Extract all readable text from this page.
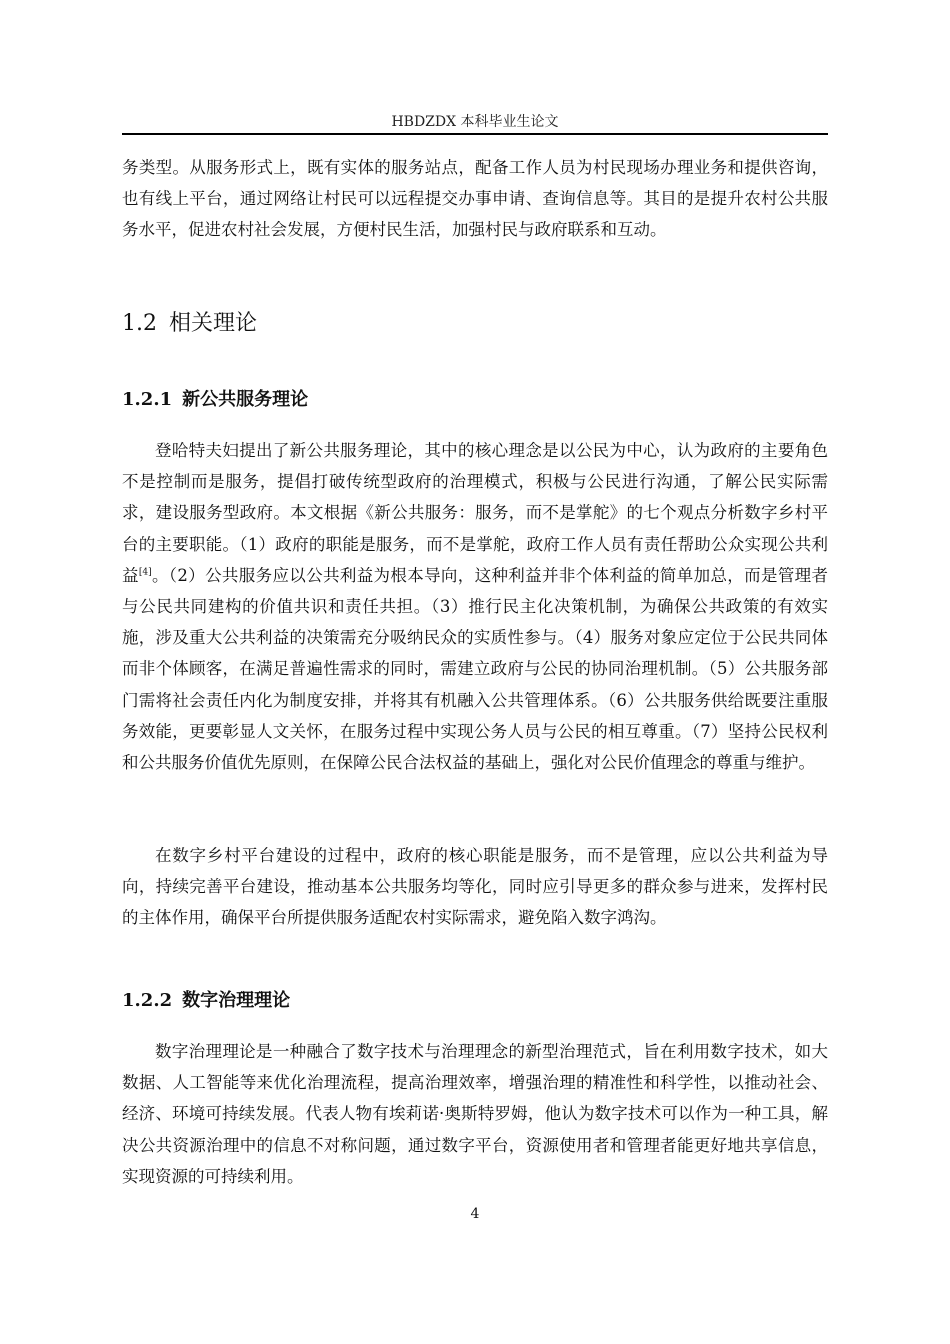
HBDZDX 本科毕业生论文

务类型。从服务形式上，既有实体的服务站点，配备工作人员为村民现场办理业务和提供咨询，也有线上平台，通过网络让村民可以远程提交办事申请、查询信息等。其目的是提升农村公共服务水平，促进农村社会发展，方便村民生活，加强村民与政府联系和互动。

1.2 相关理论
1.2.1 新公共服务理论

登哈特夫妇提出了新公共服务理论，其中的核心理念是以公民为中心，认为政府的主要角色不是控制而是服务，提倡打破传统型政府的治理模式，积极与公民进行沟通，了解公民实际需求，建设服务型政府。本文根据《新公共服务：服务，而不是掌舵》的七个观点分析数字乡村平台的主要职能。（1）政府的职能是服务，而不是掌舵，政府工作人员有责任帮助公众实现公共利益[4]。（2）公共服务应以公共利益为根本导向，这种利益并非个体利益的简单加总，而是管理者与公民共同建构的价值共识和责任共担。（3）推行民主化决策机制，为确保公共政策的有效实施，涉及重大公共利益的决策需充分吸纳民众的实质性参与。（4）服务对象应定位于公民共同体而非个体顾客，在满足普遍性需求的同时，需建立政府与公民的协同治理机制。（5）公共服务部门需将社会责任内化为制度安排，并将其有机融入公共管理体系。（6）公共服务供给既要注重服务效能，更要彰显人文关怀，在服务过程中实现公务人员与公民的相互尊重。（7）坚持公民权利和公共服务价值优先原则，在保障公民合法权益的基础上，强化对公民价值理念的尊重与维护。

在数字乡村平台建设的过程中，政府的核心职能是服务，而不是管理，应以公共利益为导向，持续完善平台建设，推动基本公共服务均等化，同时应引导更多的群众参与进来，发挥村民的主体作用，确保平台所提供服务适配农村实际需求，避免陷入数字鸿沟。

1.2.2 数字治理理论

数字治理理论是一种融合了数字技术与治理理念的新型治理范式，旨在利用数字技术，如大数据、人工智能等来优化治理流程，提高治理效率，增强治理的精准性和科学性，以推动社会、经济、环境可持续发展。代表人物有埃莉诺·奥斯特罗姆，他认为数字技术可以作为一种工具，解决公共资源治理中的信息不对称问题，通过数字平台，资源使用者和管理者能更好地共享信息，实现资源的可持续利用。

4
